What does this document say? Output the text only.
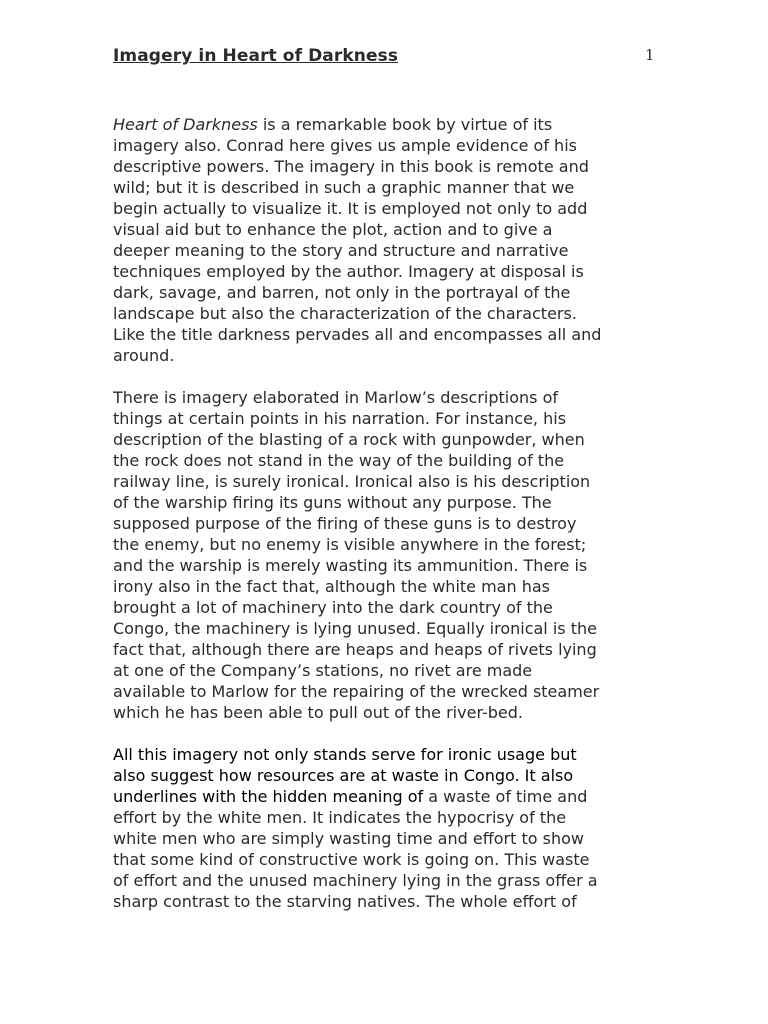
Imagery in Heart of Darkness	1

Heart of Darkness is a remarkable book by virtue of its
imagery also. Conrad here gives us ample evidence of his
descriptive powers. The imagery in this book is remote and
wild; but it is described in such a graphic manner that we
begin actually to visualize it. It is employed not only to add
visual aid but to enhance the plot, action and to give a
deeper meaning to the story and structure and narrative
techniques employed by the author. Imagery at disposal is
dark, savage, and barren, not only in the portrayal of the
landscape but also the characterization of the characters.
Like the title darkness pervades all and encompasses all and
around.

There is imagery elaborated in Marlow’s descriptions of
things at certain points in his narration. For instance, his
description of the blasting of a rock with gunpowder, when
the rock does not stand in the way of the building of the
railway line, is surely ironical. Ironical also is his description
of the warship firing its guns without any purpose. The
supposed purpose of the firing of these guns is to destroy
the enemy, but no enemy is visible anywhere in the forest;
and the warship is merely wasting its ammunition. There is
irony also in the fact that, although the white man has
brought a lot of machinery into the dark country of the
Congo, the machinery is lying unused. Equally ironical is the
fact that, although there are heaps and heaps of rivets lying
at one of the Company’s stations, no rivet are made
available to Marlow for the repairing of the wrecked steamer
which he has been able to pull out of the river-bed.

All this imagery not only stands serve for ironic usage but
also suggest how resources are at waste in Congo. It also
underlines with the hidden meaning of a waste of time and
effort by the white men. It indicates the hypocrisy of the
white men who are simply wasting time and effort to show
that some kind of constructive work is going on. This waste
of effort and the unused machinery lying in the grass offer a
sharp contrast to the starving natives. The whole effort of
